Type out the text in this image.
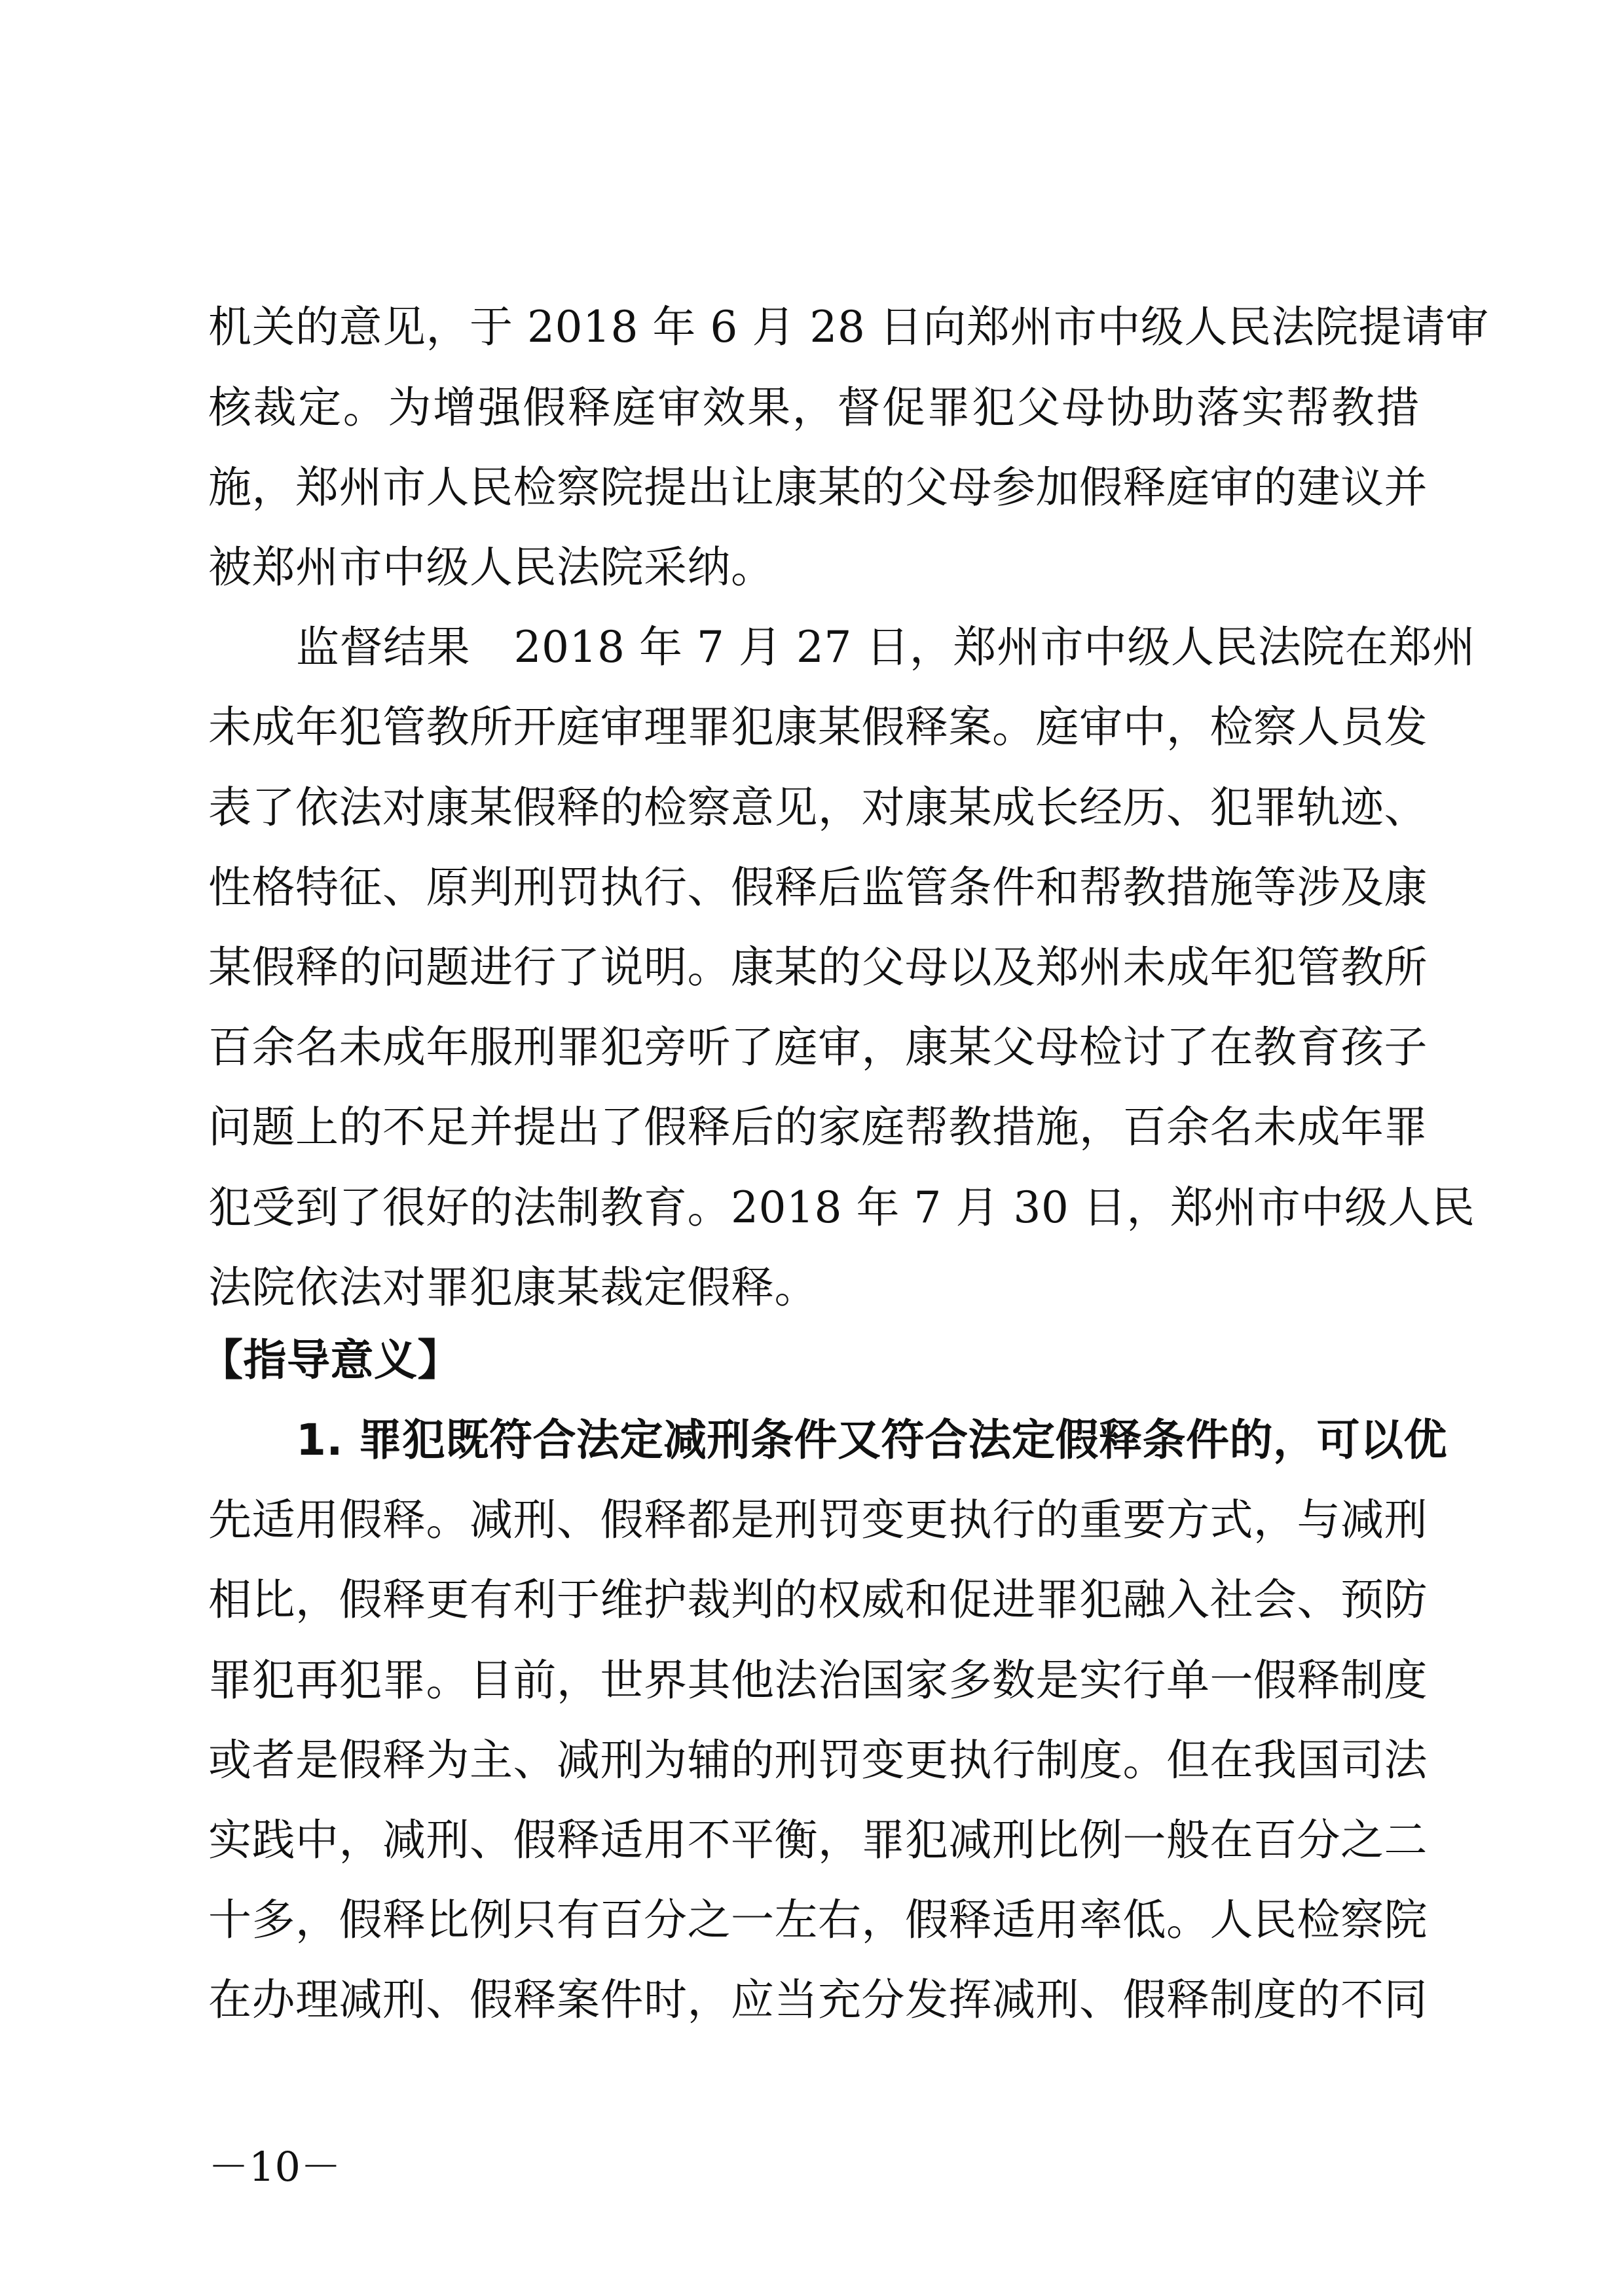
机关的意见，于 2018 年 6 月 28 日向郑州市中级人民法院提请审
核裁定。为增强假释庭审效果，督促罪犯父母协助落实帮教措
施，郑州市人民检察院提出让康某的父母参加假释庭审的建议并
被郑州市中级人民法院采纳。
监督结果　2018 年 7 月 27 日，郑州市中级人民法院在郑州
未成年犯管教所开庭审理罪犯康某假释案。庭审中，检察人员发
表了依法对康某假释的检察意见，对康某成长经历、犯罪轨迹、
性格特征、原判刑罚执行、假释后监管条件和帮教措施等涉及康
某假释的问题进行了说明。康某的父母以及郑州未成年犯管教所
百余名未成年服刑罪犯旁听了庭审，康某父母检讨了在教育孩子
问题上的不足并提出了假释后的家庭帮教措施，百余名未成年罪
犯受到了很好的法制教育。2018 年 7 月 30 日，郑州市中级人民
法院依法对罪犯康某裁定假释。
【指导意义】
1. 罪犯既符合法定减刑条件又符合法定假释条件的，可以优
先适用假释。减刑、假释都是刑罚变更执行的重要方式，与减刑
相比，假释更有利于维护裁判的权威和促进罪犯融入社会、预防
罪犯再犯罪。目前，世界其他法治国家多数是实行单一假释制度
或者是假释为主、减刑为辅的刑罚变更执行制度。但在我国司法
实践中，减刑、假释适用不平衡，罪犯减刑比例一般在百分之二
十多，假释比例只有百分之一左右，假释适用率低。人民检察院
在办理减刑、假释案件时，应当充分发挥减刑、假释制度的不同
－10－
